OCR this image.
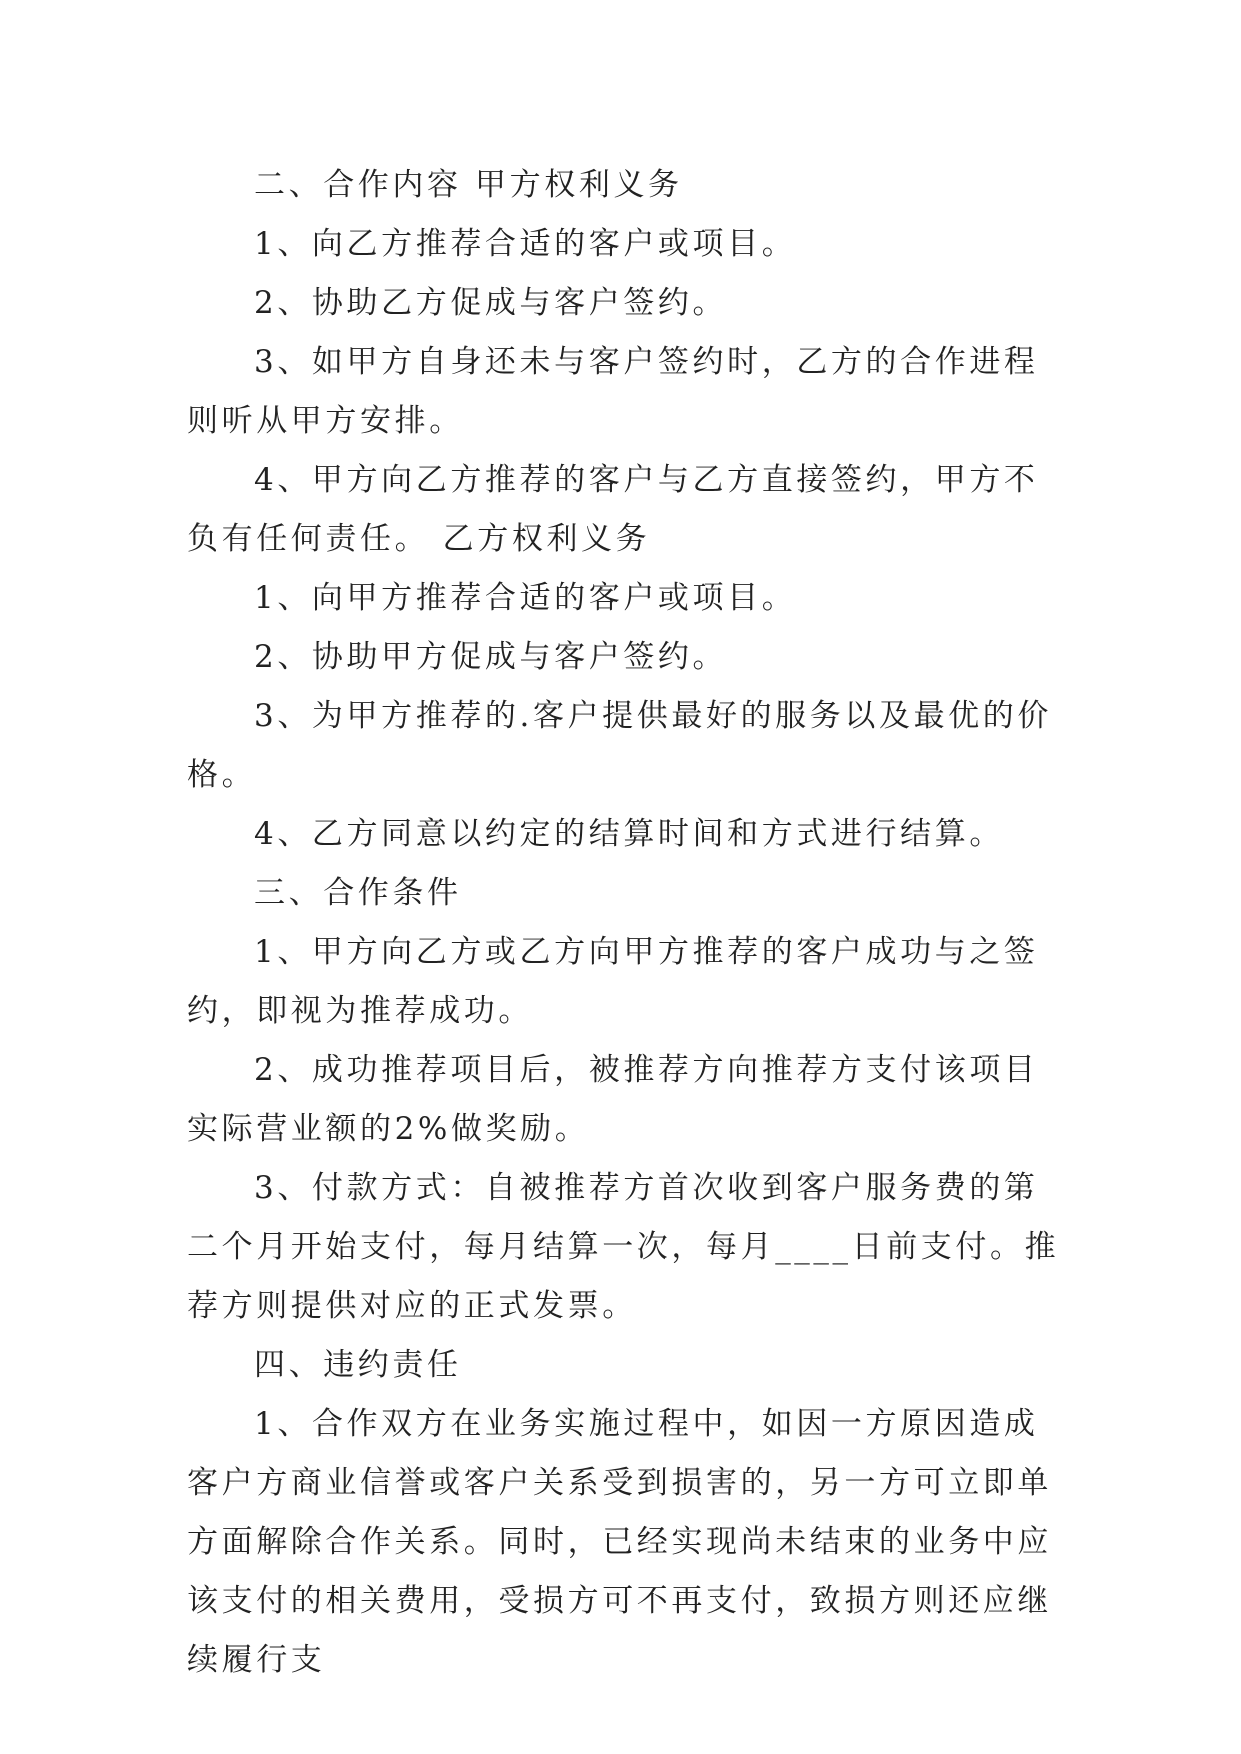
二、合作内容 甲方权利义务

1、向乙方推荐合适的客户或项目。

2、协助乙方促成与客户签约。

3、如甲方自身还未与客户签约时，乙方的合作进程则听从甲方安排。

4、甲方向乙方推荐的客户与乙方直接签约，甲方不负有任何责任。 乙方权利义务

1、向甲方推荐合适的客户或项目。

2、协助甲方促成与客户签约。

3、为甲方推荐的.客户提供最好的服务以及最优的价格。

4、乙方同意以约定的结算时间和方式进行结算。

三、合作条件

1、甲方向乙方或乙方向甲方推荐的客户成功与之签约，即视为推荐成功。

2、成功推荐项目后，被推荐方向推荐方支付该项目实际营业额的2%做奖励。

3、付款方式：自被推荐方首次收到客户服务费的第二个月开始支付，每月结算一次，每月____日前支付。推荐方则提供对应的正式发票。

四、违约责任

1、合作双方在业务实施过程中，如因一方原因造成客户方商业信誉或客户关系受到损害的，另一方可立即单方面解除合作关系。同时，已经实现尚未结束的业务中应该支付的相关费用，受损方可不再支付，致损方则还应继续履行支
